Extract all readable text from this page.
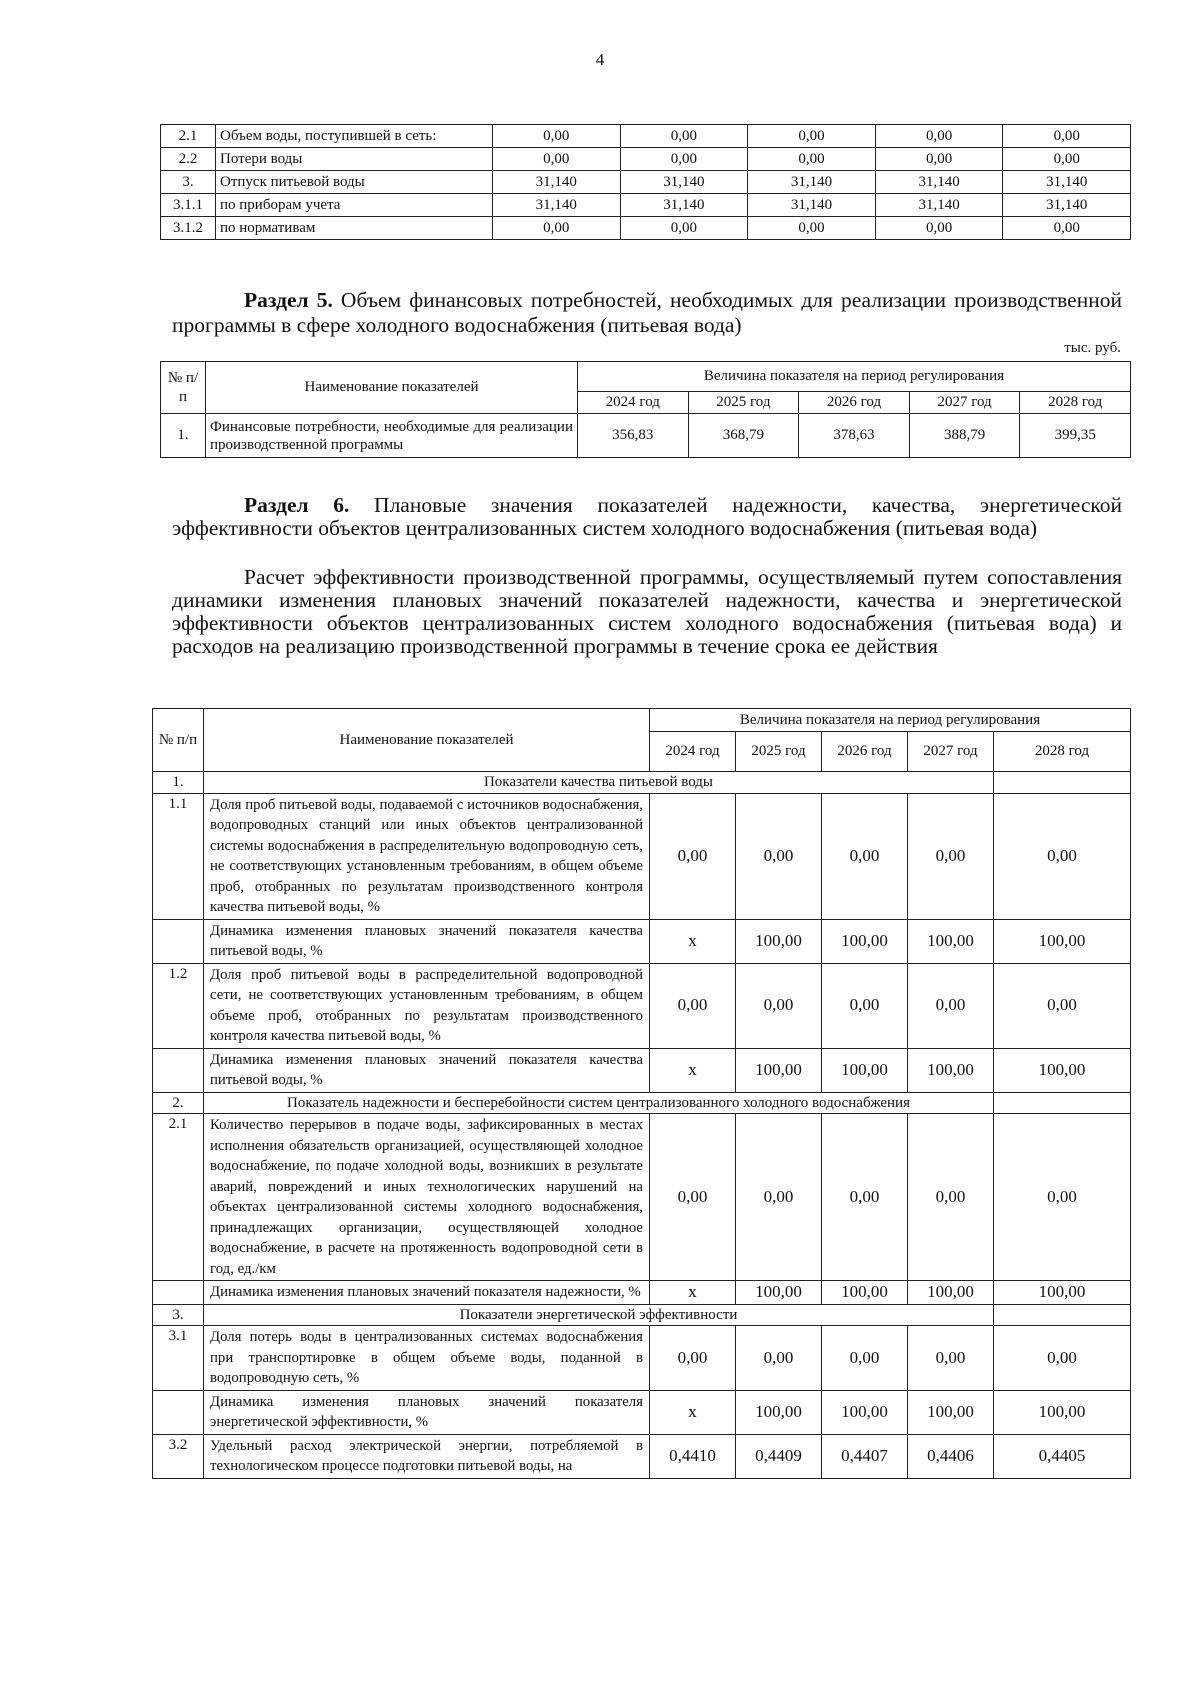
4
2.1	Объем воды, поступившей в сеть:	0,00	0,00	0,00	0,00	0,00
2.2	Потери воды	0,00	0,00	0,00	0,00	0,00
3.	Отпуск питьевой воды	31,140	31,140	31,140	31,140	31,140
3.1.1	по приборам учета	31,140	31,140	31,140	31,140	31,140
3.1.2	по нормативам	0,00	0,00	0,00	0,00	0,00
Раздел 5. Объем финансовых потребностей, необходимых для реализации производственной программы в сфере холодного водоснабжения (питьевая вода)
тыс. руб.
№ п/п	Наименование показателей	Величина показателя на период регулирования				
		2024 год	2025 год	2026 год	2027 год	2028 год
1.	Финансовые потребности, необходимые для реализации производственной программы	356,83	368,79	378,63	388,79	399,35
Раздел 6. Плановые значения показателей надежности, качества, энергетической эффективности объектов централизованных систем холодного водоснабжения (питьевая вода)
Расчет эффективности производственной программы, осуществляемый путем сопоставления динамики изменения плановых значений показателей надежности, качества и энергетической эффективности объектов централизованных систем холодного водоснабжения (питьевая вода) и расходов на реализацию производственной программы в течение срока ее действия
№ п/п	Наименование показателей	Величина показателя на период регулирования				
		2024 год	2025 год	2026 год	2027 год	2028 год
1.	Показатели качества питьевой воды					
1.1	Доля проб питьевой воды, подаваемой с источников водоснабжения, водопроводных станций или иных объектов централизованной системы водоснабжения в распределительную водопроводную сеть, не соответствующих установленным требованиям, в общем объеме проб, отобранных по результатам производственного контроля качества питьевой воды, %	0,00	0,00	0,00	0,00	0,00
	Динамика изменения плановых значений показателя качества питьевой воды, %	х	100,00	100,00	100,00	100,00
1.2	Доля проб питьевой воды в распределительной водопроводной сети, не соответствующих установленным требованиям, в общем объеме проб, отобранных по результатам производственного контроля качества питьевой воды, %	0,00	0,00	0,00	0,00	0,00
	Динамика изменения плановых значений показателя качества питьевой воды, %	х	100,00	100,00	100,00	100,00
2.	Показатель надежности и бесперебойности систем централизованного холодного водоснабжения					
2.1	Количество перерывов в подаче воды, зафиксированных в местах исполнения обязательств организацией, осуществляющей холодное водоснабжение, по подаче холодной воды, возникших в результате аварий, повреждений и иных технологических нарушений на объектах централизованной системы холодного водоснабжения, принадлежащих организации, осуществляющей холодное водоснабжение, в расчете на протяженность водопроводной сети в год, ед./км	0,00	0,00	0,00	0,00	0,00
	Динамика изменения плановых значений показателя надежности, %	х	100,00	100,00	100,00	100,00
3.	Показатели энергетической эффективности					
3.1	Доля потерь воды в централизованных системах водоснабжения при транспортировке в общем объеме воды, поданной в водопроводную сеть, %	0,00	0,00	0,00	0,00	0,00
	Динамика изменения плановых значений показателя энергетической эффективности, %	х	100,00	100,00	100,00	100,00
3.2	Удельный расход электрической энергии, потребляемой в технологическом процессе подготовки питьевой воды, на	0,4410	0,4409	0,4407	0,4406	0,4405
